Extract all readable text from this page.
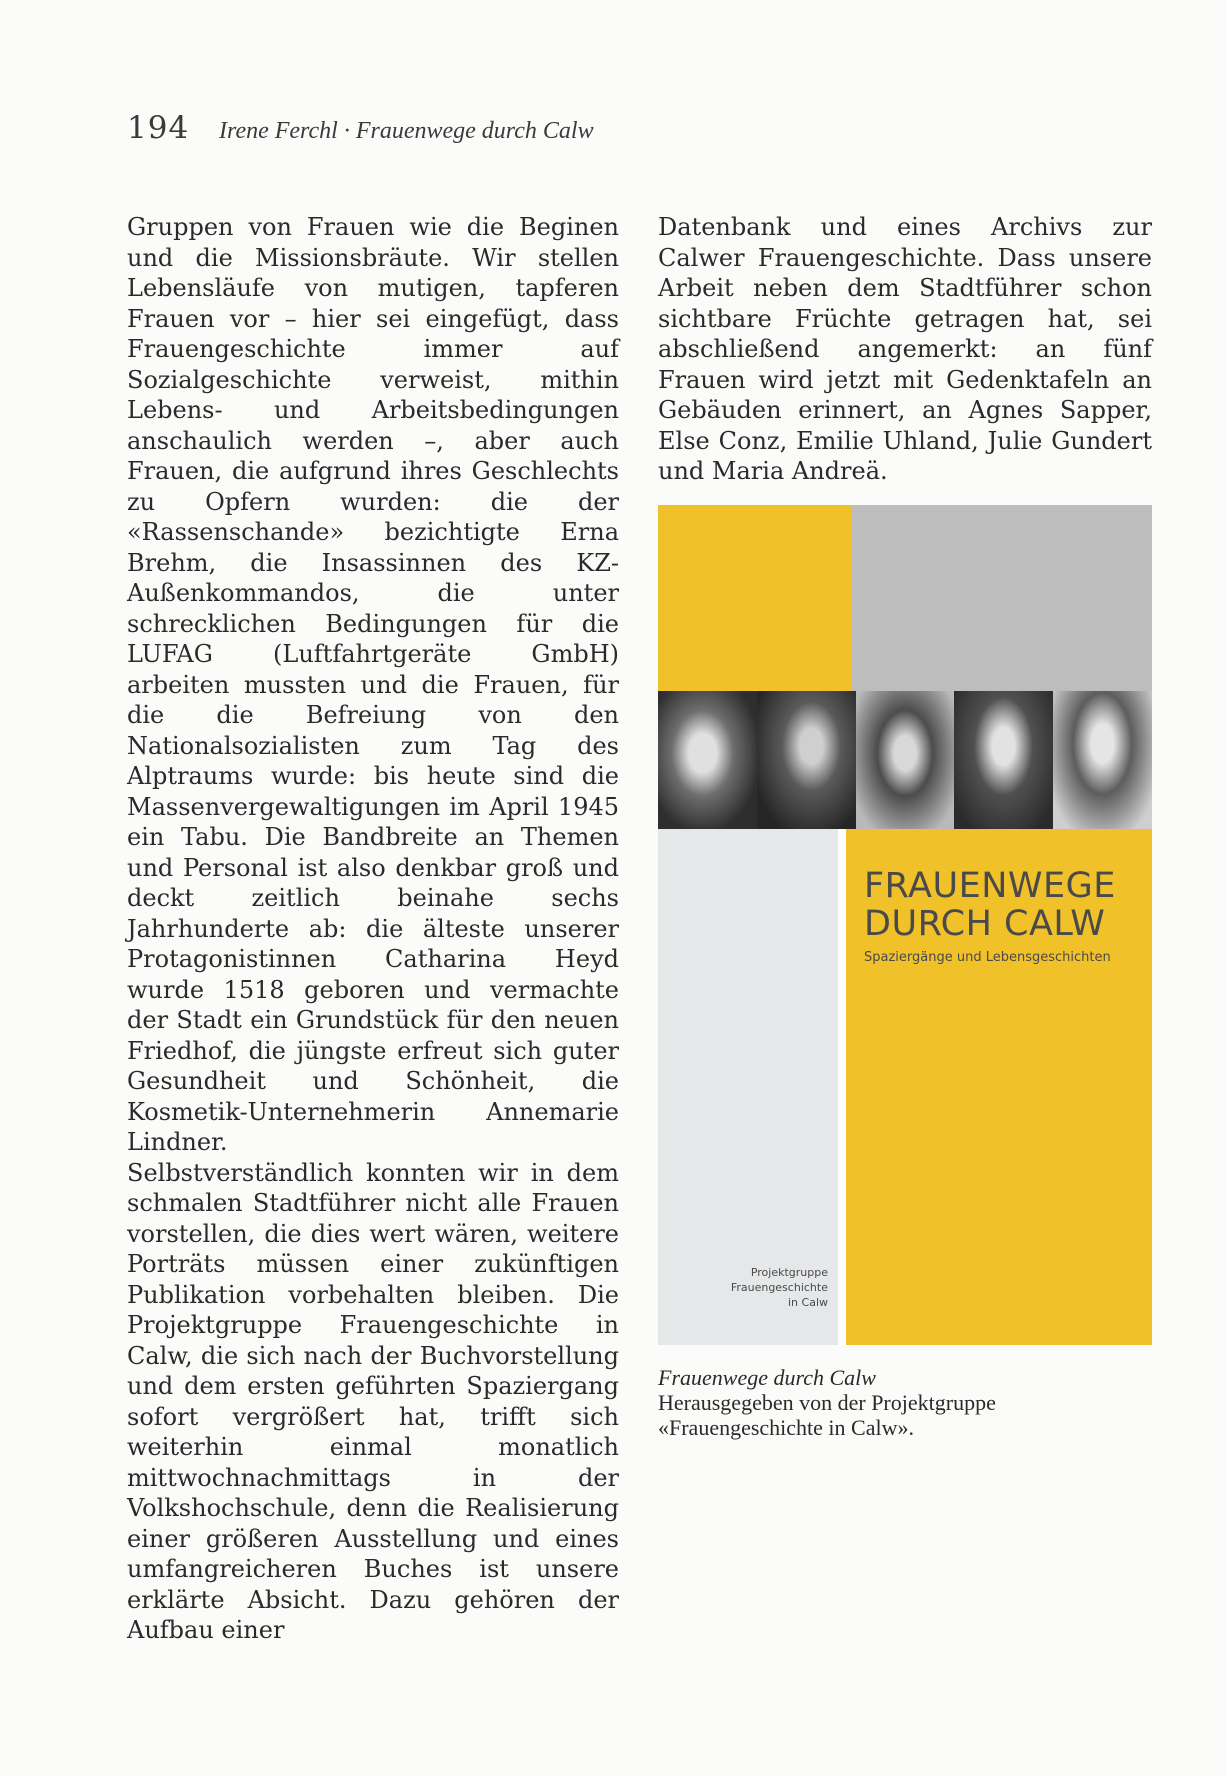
194 Irene Ferchl · Frauenwege durch Calw

Gruppen von Frauen wie die Beginen und die Missionsbräute. Wir stellen Lebensläufe von mutigen, tapferen Frauen vor – hier sei eingefügt, dass Frauengeschichte immer auf Sozialgeschichte verweist, mithin Lebens- und Arbeitsbedingungen anschaulich werden –, aber auch Frauen, die aufgrund ihres Geschlechts zu Opfern wurden: die der «Rassenschande» bezichtigte Erna Brehm, die Insassinnen des KZ-Außenkommandos, die unter schrecklichen Bedingungen für die LUFAG (Luftfahrtgeräte GmbH) arbeiten mussten und die Frauen, für die die Befreiung von den Nationalsozialisten zum Tag des Alptraums wurde: bis heute sind die Massenvergewaltigungen im April 1945 ein Tabu. Die Bandbreite an Themen und Personal ist also denkbar groß und deckt zeitlich beinahe sechs Jahrhunderte ab: die älteste unserer Protagonistinnen Catharina Heyd wurde 1518 geboren und vermachte der Stadt ein Grundstück für den neuen Friedhof, die jüngste erfreut sich guter Gesundheit und Schönheit, die Kosmetik-Unternehmerin Annemarie Lindner.

Selbstverständlich konnten wir in dem schmalen Stadtführer nicht alle Frauen vorstellen, die dies wert wären, weitere Porträts müssen einer zukünftigen Publikation vorbehalten bleiben. Die Projektgruppe Frauengeschichte in Calw, die sich nach der Buchvorstellung und dem ersten geführten Spaziergang sofort vergrößert hat, trifft sich weiterhin einmal monatlich mittwochnachmittags in der Volkshochschule, denn die Realisierung einer größeren Ausstellung und eines umfangreicheren Buches ist unsere erklärte Absicht. Dazu gehören der Aufbau einer

Datenbank und eines Archivs zur Calwer Frauengeschichte. Dass unsere Arbeit neben dem Stadtführer schon sichtbare Früchte getragen hat, sei abschließend angemerkt: an fünf Frauen wird jetzt mit Gedenktafeln an Gebäuden erinnert, an Agnes Sapper, Else Conz, Emilie Uhland, Julie Gundert und Maria Andreä.

FRAUENWEGE
DURCH CALW
Spaziergänge und Lebensgeschichten
Projektgruppe
Frauengeschichte
in Calw
Frauenwege durch Calw
Herausgegeben von der Projektgruppe
«Frauengeschichte in Calw».
